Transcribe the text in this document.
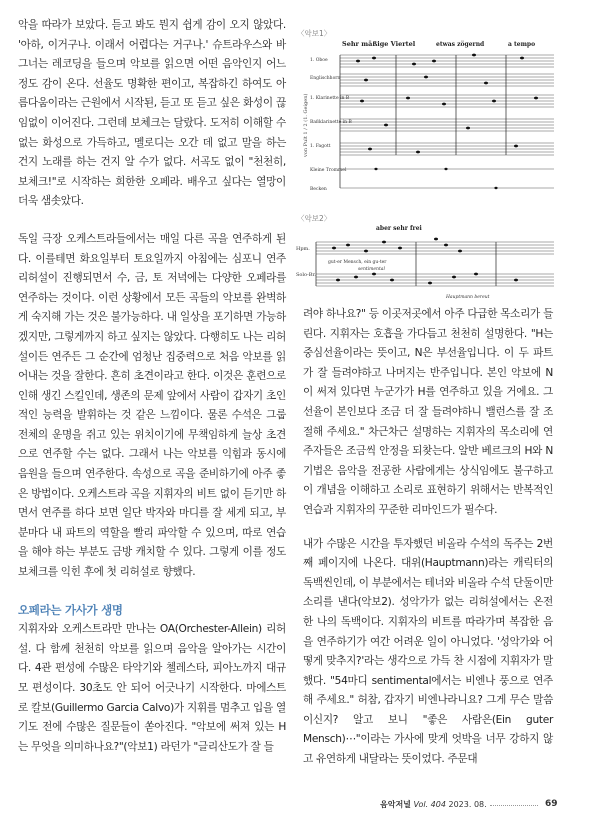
악을 따라가 보았다. 듣고 봐도 뭔지 쉽게 감이 오지 않았다. '아하, 이거구나. 이래서 어렵다는 거구나.' 슈트라우스와 바그너는 레코딩을 들으며 악보를 읽으면 어떤 음악인지 어느 정도 감이 온다. 선율도 명확한 편이고, 복잡하긴 하여도 아름다움이라는 근원에서 시작된, 듣고 또 듣고 싶은 화성이 끊임없이 이어진다. 그런데 보체크는 달랐다. 도저히 이해할 수 없는 화성으로 가득하고, 멜로디는 오간 데 없고 말을 하는 건지 노래를 하는 건지 알 수가 없다. 서곡도 없이 "천천히, 보체크!"로 시작하는 희한한 오페라. 배우고 싶다는 열망이 더욱 샘솟았다.

독일 극장 오케스트라들에서는 매일 다른 곡을 연주하게 된다. 이를테면 화요일부터 토요일까지 아침에는 심포니 연주 리허설이 진행되면서 수, 금, 토 저녁에는 다양한 오페라를 연주하는 것이다. 이런 상황에서 모든 곡들의 악보를 완벽하게 숙지해 가는 것은 불가능하다. 내 일상을 포기하면 가능하겠지만, 그렇게까지 하고 싶지는 않았다. 다행히도 나는 리허설이든 연주든 그 순간에 엄청난 집중력으로 처음 악보를 읽어내는 것을 잘한다. 흔히 초견이라고 한다. 이것은 훈련으로 인해 생긴 스킬인데, 생존의 문제 앞에서 사람이 갑자기 초인적인 능력을 발휘하는 것 같은 느낌이다. 물론 수석은 그룹 전체의 운명을 쥐고 있는 위치이기에 무책임하게 늘상 초견으로 연주할 수는 없다. 그래서 나는 악보를 익힘과 동시에 음원을 들으며 연주한다. 속성으로 곡을 준비하기에 아주 좋은 방법이다. 오케스트라 곡을 지휘자의 비트 없이 듣기만 하면서 연주를 하다 보면 일단 박자와 마디를 잘 세게 되고, 부분마다 내 파트의 역할을 빨리 파악할 수 있으며, 따로 연습을 해야 하는 부분도 금방 캐치할 수 있다. 그렇게 이를 정도 보체크를 익힌 후에 첫 리허설로 향했다.

오페라는 가사가 생명

지휘자와 오케스트라만 만나는 OA(Orchester-Allein) 리허설. 다 함께 천천히 악보를 읽으며 음악을 알아가는 시간이다. 4관 편성에 수많은 타악기와 첼레스타, 피아노까지 대규모 편성이다. 30초도 안 되어 어긋나기 시작한다. 마에스트로 칼보(Guillermo Garcia Calvo)가 지휘를 멈추고 입을 열기도 전에 수많은 질문들이 쏟아진다. "악보에 써져 있는 H는 무엇을 의미하나요?"(악보1) 라던가 "글리산도가 잘 들

〈악보1〉
Sehr mäßige Viertel	etwas zögernd	a tempo
von Pult 1 / 2 (1. Geigen)
1. Oboe
Englischhorn
1. Klarinette in B
Baßklarinette in B
1. Fagott
Kleine Trommel
Becken
〈악보2〉
aber sehr frei
Hpm.
Solo-Br.
gut-er Mensch, ein gu-ter
sentimental
Hauptmann bereut

려야 하나요?" 등 이곳저곳에서 아주 다급한 목소리가 들린다. 지휘자는 호흡을 가다듬고 천천히 설명한다. "H는 중심선율이라는 뜻이고, N은 부선율입니다. 이 두 파트가 잘 들려야하고 나머지는 반주입니다. 본인 악보에 N이 써져 있다면 누군가가 H를 연주하고 있을 거에요. 그 선율이 본인보다 조금 더 잘 들려야하니 밸런스를 잘 조절해 주세요." 차근차근 설명하는 지휘자의 목소리에 연주자들은 조금씩 안정을 되찾는다. 알반 베르크의 H와 N 기법은 음악을 전공한 사람에게는 상식임에도 불구하고 이 개념을 이해하고 소리로 표현하기 위해서는 반복적인 연습과 지휘자의 꾸준한 리마인드가 필수다.

내가 수많은 시간을 투자했던 비올라 수석의 독주는 2번째 페이지에 나온다. 대위(Hauptmann)라는 캐릭터의 독백씬인데, 이 부분에서는 테너와 비올라 수석 단둘이만 소리를 낸다(악보2). 성악가가 없는 리허설에서는 온전한 나의 독백이다. 지휘자의 비트를 따라가며 복잡한 음을 연주하기가 여간 어려운 일이 아니었다. '성악가와 어떻게 맞추지?'라는 생각으로 가득 찬 시점에 지휘자가 말했다. "54마디 sentimental에서는 비엔나 풍으로 연주 해 주세요." 허참, 갑자기 비엔나라니요? 그게 무슨 말씀이신지? 알고 보니 "좋은 사람은(Ein guter Mensch)⋯"이라는 가사에 맞게 엇박을 너무 강하지 않고 유연하게 내달라는 뜻이었다. 주문대

음악저널 Vol. 404 2023. 08.	69
